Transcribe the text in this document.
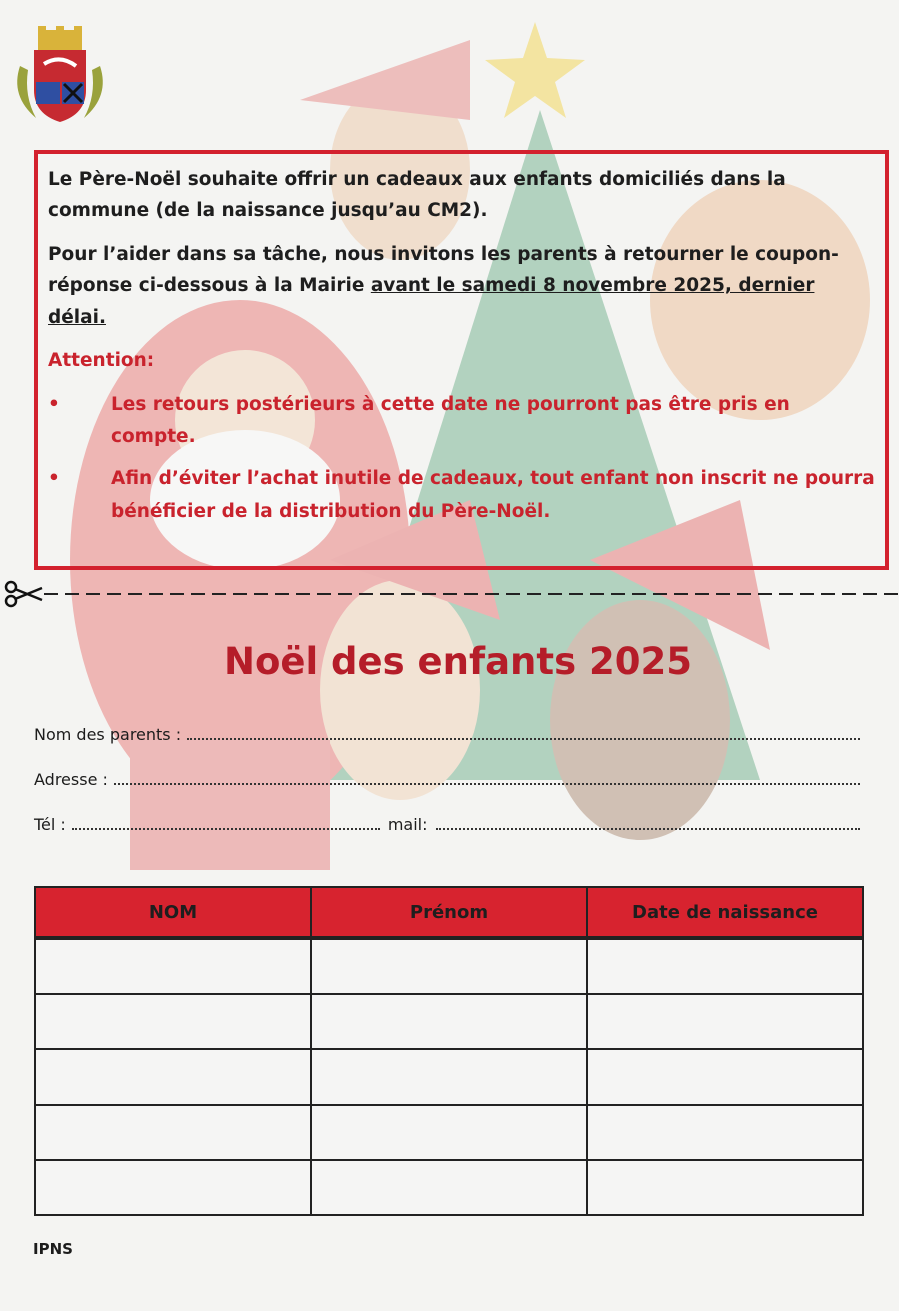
Le Père-Noël souhaite offrir un cadeaux aux enfants domiciliés dans la commune (de la naissance jusqu’au CM2).

Pour l’aider dans sa tâche, nous invitons les parents à retourner le coupon-réponse ci-dessous à la Mairie avant le samedi 8 novembre 2025, dernier délai.

Attention:

•	Les retours postérieurs à cette date ne pourront pas être pris en compte.
•	Afin d’éviter l’achat inutile de cadeaux, tout enfant non inscrit ne pourra bénéficier de la distribution du Père-Noël.
Noël des enfants 2025
Nom des parents :
Adresse :
Tél :	mail:
NOM	Prénom	Date de naissance

IPNS
